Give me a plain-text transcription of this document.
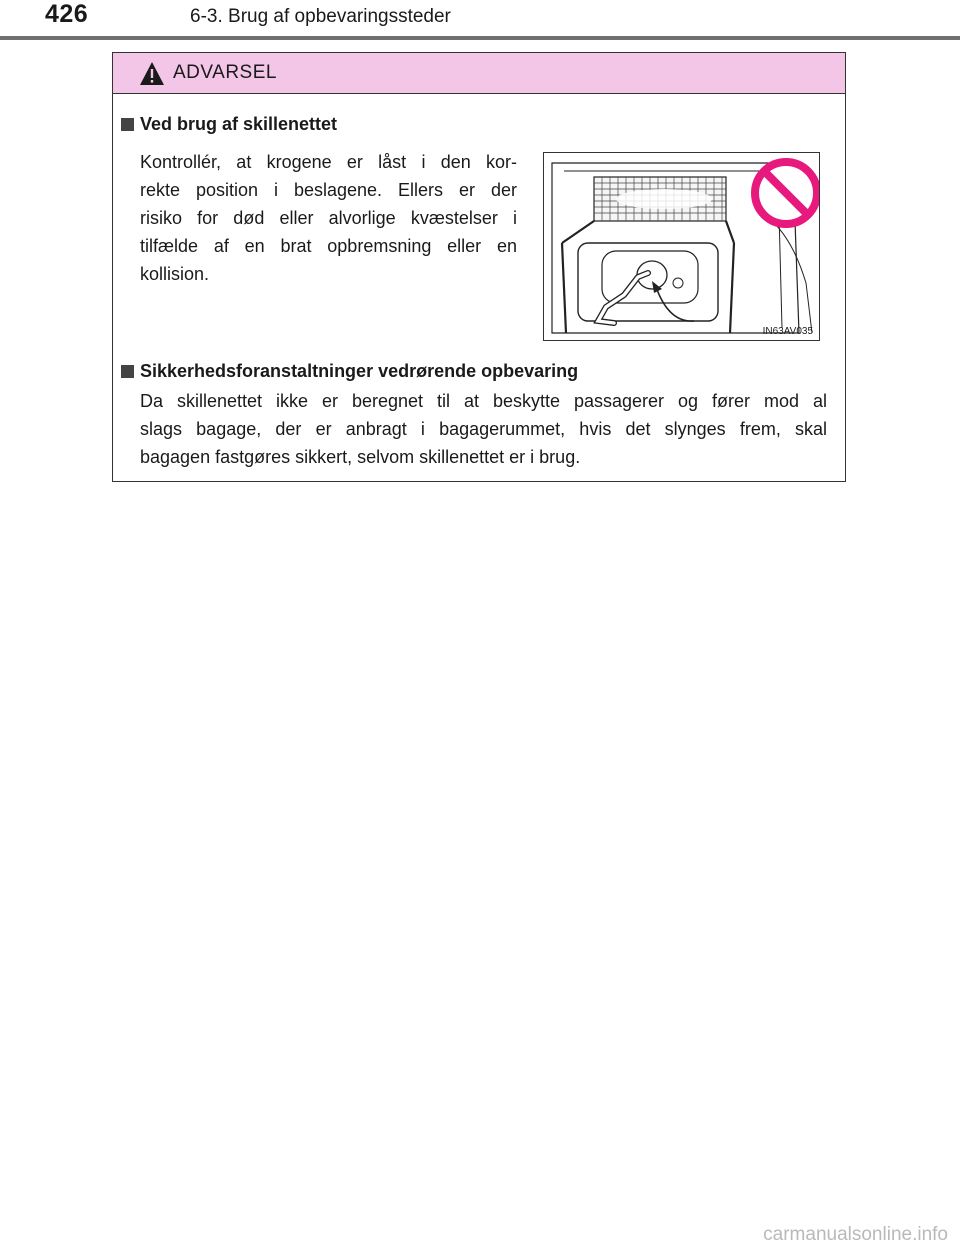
426	6-3. Brug af opbevaringssteder
ADVARSEL
Ved brug af skillenettet
Kontrollér, at krogene er låst i den kor-
rekte position i beslagene. Ellers er der
risiko for død eller alvorlige kvæstelser i
tilfælde af en brat opbremsning eller en
kollision.
IN63AV035
Sikkerhedsforanstaltninger vedrørende opbevaring
Da skillenettet ikke er beregnet til at beskytte passagerer og fører mod al
slags bagage, der er anbragt i bagagerummet, hvis det slynges frem, skal
bagagen fastgøres sikkert, selvom skillenettet er i brug.
carmanualsonline.info
